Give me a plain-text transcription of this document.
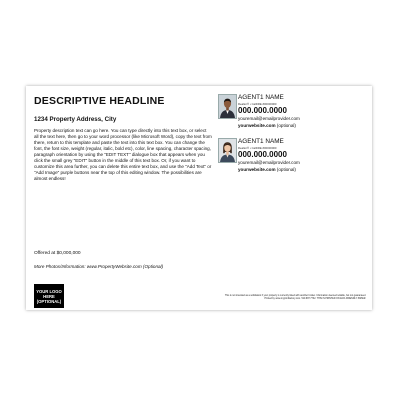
DESCRIPTIVE HEADLINE
1234 Property Address, City

Property description text can go here. You can type directly into this text box, or select all the text here, then go to your word processor (like Microsoft Word), copy the text from there, return to this template and paste the text into this text box. You can change the font, the font size, weight (regular, italic, bold etc), color, line spacing, character spacing, paragraph orientation by using the "EDIT TEXT" dialogue box that appears when you click the small grey "EDIT" button in the middle of this text box. Or, if you want to customize this area further, you can delete this entire text box, and use the "Add Text" or "Add Image" purple buttons near the top of this editing window. The possibilities are almost endless!

Offered at $0,000,000
More Photos/Information: www.PropertyWebsite.com (Optional)
YOUR LOGO HERE (OPTIONAL)
AGENT1 NAME
Realtor® • CalDRE #00000000
000.000.0000
youremail@emailprovider.com
yourwebsite.com (optional)
AGENT1 NAME
Realtor® • CalDRE #00000000
000.000.0000
youremail@emailprovider.com
yourwebsite.com (optional)
This is not intended as a solicitation if your property is currently listed with another broker. Information deemed reliable, but not guaranteed. Printed by www.myprintfactory.com. 510.687.7732. THIS IS PRINTED ON ECO-FRIENDLY PAPER.
